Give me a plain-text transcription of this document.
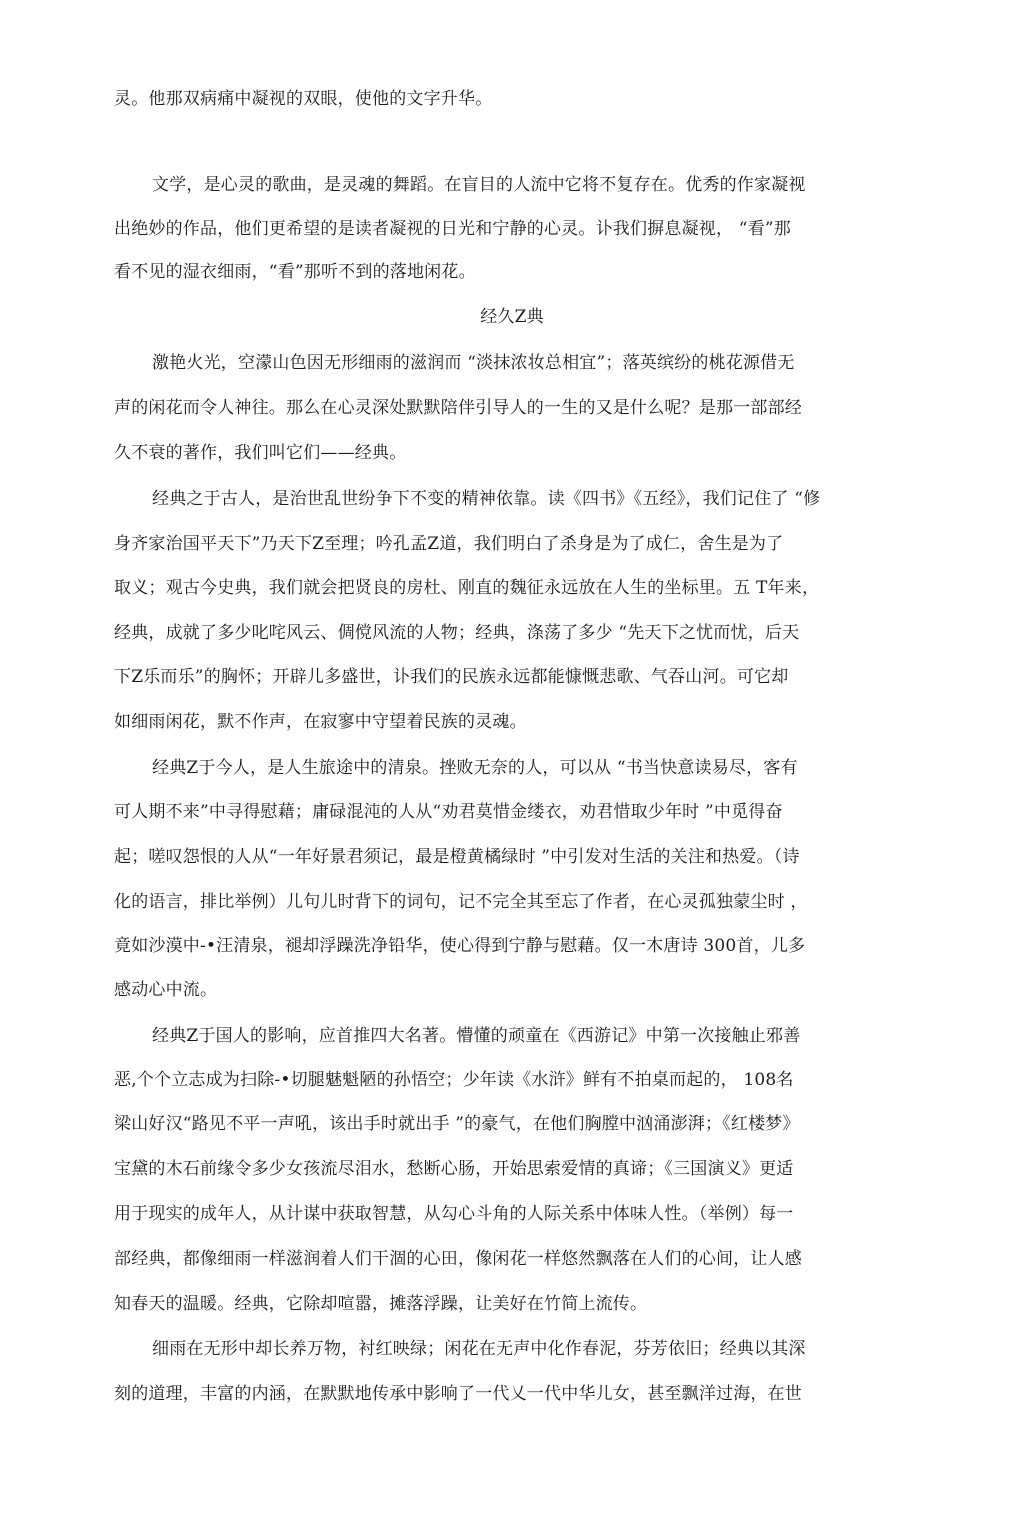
灵。他那双病痛中凝视的双眼，使他的文字升华。
文学，是心灵的歌曲，是灵魂的舞蹈。在盲目的人流中它将不复存在。优秀的作家凝视
出绝妙的作品，他们更希望的是读者凝视的日光和宁静的心灵。讣我们摒息凝视， “看”那
看不见的湿衣细雨，“看”那听不到的落地闲花。
经久Z典
激艳火光，空濛山色因无形细雨的滋润而 “淡抹浓妆总相宜”；落英缤纷的桃花源借无
声的闲花而令人神往。那么在心灵深处默默陪伴引导人的一生的又是什么呢？是那一部部经
久不衰的著作，我们叫它们——经典。
经典之于古人，是治世乱世纷争下不变的精神依靠。读《四书》《五经》，我们记住了 “修
身齐家治国平天下”乃天下Z至理；吟孔孟Z道，我们明白了杀身是为了成仁，舍生是为了
取义；观古今史典，我们就会把贤良的房杜、刚直的魏征永远放在人生的坐标里。五 T年来，
经典，成就了多少叱咤风云、倜傥风流的人物；经典，涤荡了多少 “先天下之忧而忧，后天
下Z乐而乐”的胸怀；开辟儿多盛世，讣我们的民族永远都能慷慨悲歌、气吞山河。可它却
如细雨闲花，默不作声，在寂寥中守望着民族的灵魂。
经典Z于今人，是人生旅途中的清泉。挫败无奈的人，可以从 “书当快意读易尽，客有
可人期不来”中寻得慰藉；庸碌混沌的人从“劝君莫惜金缕衣，劝君惜取少年时 ”中觅得奋
起；嗟叹怨恨的人从“一年好景君须记，最是橙黄橘绿时 ”中引发对生活的关注和热爱。（诗
化的语言，排比举例）儿句儿时背下的词句，记不完全其至忘了作者，在心灵孤独蒙尘时 ，
竟如沙漠中-•汪清泉，褪却浮躁洗净铅华，使心得到宁静与慰藉。仅一木唐诗 300首，儿多
感动心中流。
经典Z于国人的影响，应首推四大名著。懵懂的顽童在《西游记》中第一次接触止邪善
恶,个个立志成为扫除-•切腿魅魁陋的孙悟空；少年读《水浒》鲜有不拍桌而起的， 108名
梁山好汉“路见不平一声吼，该出手时就出手 ”的豪气，在他们胸膛中汹涌澎湃；《红楼梦》
宝黛的木石前缘令多少女孩流尽泪水，愁断心肠，开始思索爱情的真谛；《三国演义》更适
用于现实的成年人，从计谋中获取智慧，从勾心斗角的人际关系中体味人性。（举例）每一
部经典，都像细雨一样滋润着人们干涸的心田，像闲花一样悠然飘落在人们的心间，让人感
知春天的温暖。经典，它除却喧嚣，摊落浮躁，让美好在竹简上流传。
细雨在无形中却长养万物，衬红映绿；闲花在无声中化作春泥，芬芳依旧；经典以其深
刻的道理，丰富的内涵，在默默地传承中影响了一代乂一代中华儿女，甚至飘洋过海，在世
